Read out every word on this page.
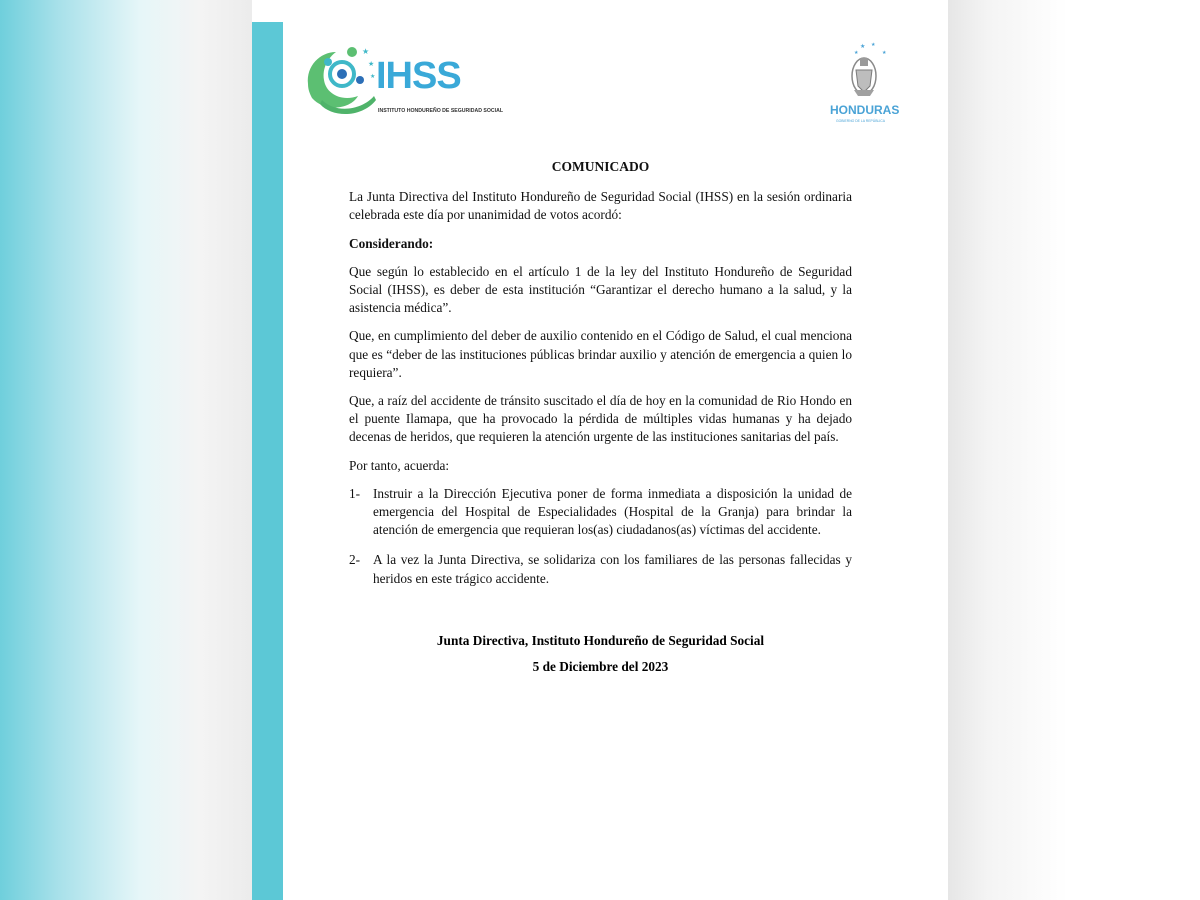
★
★
★ IHSS
INSTITUTO HONDUREÑO DE SEGURIDAD SOCIAL
★
★	★
★
HONDURAS
GOBIERNO DE LA REPÚBLICA
COMUNICADO

La Junta Directiva del Instituto Hondureño de Seguridad Social (IHSS) en la sesión ordinaria celebrada este día por unanimidad de votos acordó:

Considerando:

Que según lo establecido en el artículo 1 de la ley del Instituto Hondureño de Seguridad Social (IHSS), es deber de esta institución “Garantizar el derecho humano a la salud, y la asistencia médica”.

Que, en cumplimiento del deber de auxilio contenido en el Código de Salud, el cual menciona que es “deber de las instituciones públicas brindar auxilio y atención de emergencia a quien lo requiera”.

Que, a raíz del accidente de tránsito suscitado el día de hoy en la comunidad de Rio Hondo en el puente Ilamapa, que ha provocado la pérdida de múltiples vidas humanas y ha dejado decenas de heridos, que requieren la atención urgente de las instituciones sanitarias del país.

Por tanto, acuerda:

1- Instruir a la Dirección Ejecutiva poner de forma inmediata a disposición la unidad de emergencia del Hospital de Especialidades (Hospital de la Granja) para brindar la atención de emergencia que requieran los(as) ciudadanos(as) víctimas del accidente.
2- A la vez la Junta Directiva, se solidariza con los familiares de las personas fallecidas y heridos en este trágico accidente.
Junta Directiva, Instituto Hondureño de Seguridad Social
5 de Diciembre del 2023
